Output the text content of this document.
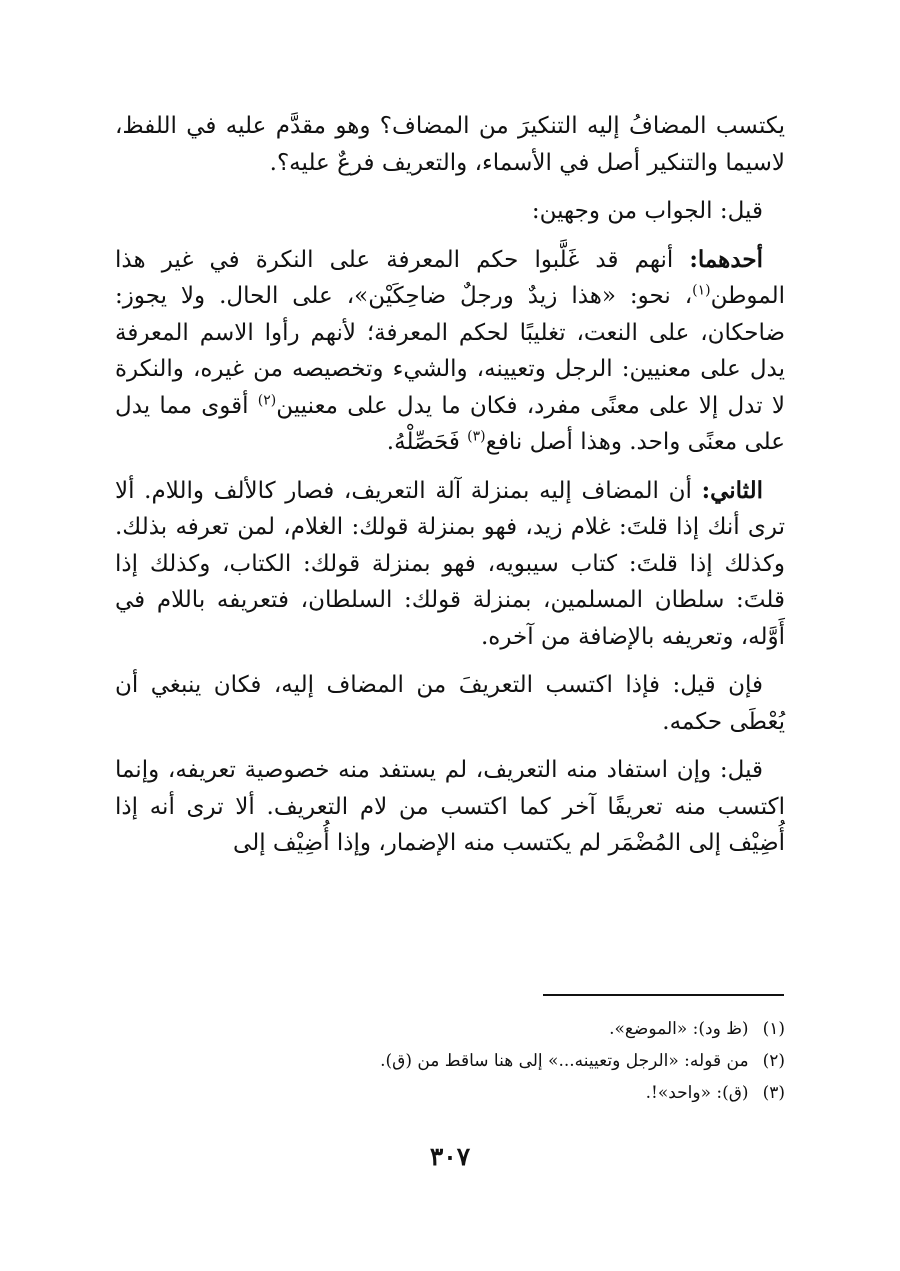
يكتسب المضافُ إليه التنكيرَ من المضاف؟ وهو مقدَّم عليه في اللفظ، لاسيما والتنكير أصل في الأسماء، والتعريف فرعٌ عليه؟.

قيل: الجواب من وجهين:

أحدهما: أنهم قد غَلَّبوا حكم المعرفة على النكرة في غير هذا الموطن$^{(١)}$، نحو: «هذا زيدٌ ورجلٌ ضاحِكَيْن»، على الحال. ولا يجوز: ضاحكان، على النعت، تغليبًا لحكم المعرفة؛ لأنهم رأوا الاسم المعرفة يدل على معنيين: الرجل وتعيينه، والشيء وتخصيصه من غيره، والنكرة لا تدل إلا على معنًى مفرد، فكان ما يدل على معنيين$^{(٢)}$ أقوى مما يدل على معنًى واحد. وهذا أصل نافع$^{(٣)}$ فَحَصِّلْهُ.

الثاني: أن المضاف إليه بمنزلة آلة التعريف، فصار كالألف واللام. ألا ترى أنك إذا قلتَ: غلام زيد، فهو بمنزلة قولك: الغلام، لمن تعرفه بذلك. وكذلك إذا قلتَ: كتاب سيبويه، فهو بمنزلة قولك: الكتاب، وكذلك إذا قلتَ: سلطان المسلمين، بمنزلة قولك: السلطان، فتعريفه باللام في أَوَّله، وتعريفه بالإضافة من آخره.

فإن قيل: فإذا اكتسب التعريفَ من المضاف إليه، فكان ينبغي أن يُعْطَى حكمه.

قيل: وإن استفاد منه التعريف، لم يستفد منه خصوصية تعريفه، وإنما اكتسب منه تعريفًا آخر كما اكتسب من لام التعريف. ألا ترى أنه إذا أُضِيْف إلى المُضْمَر لم يكتسب منه الإضمار، وإذا أُضِيْف إلى

(١)(ظ ود): «الموضع».

(٢)من قوله: «الرجل وتعيينه...» إلى هنا ساقط من (ق).

(٣)(ق): «واحد»!.

٣٠٧
